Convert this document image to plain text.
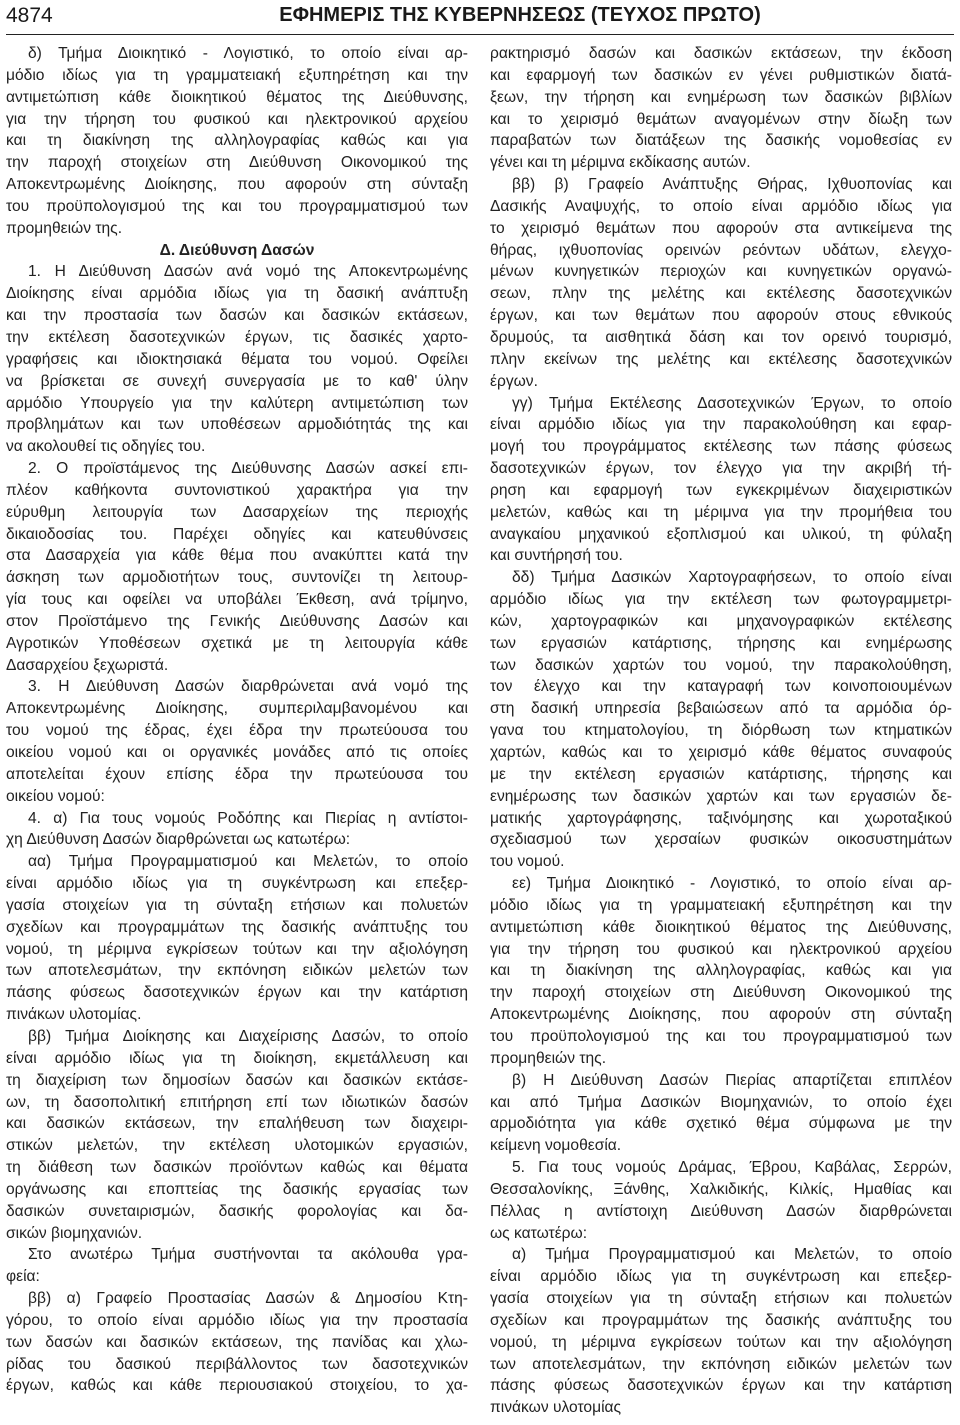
4874	ΕΦΗΜΕΡΙΣ ΤΗΣ ΚΥΒΕΡΝΗΣΕΩΣ (ΤΕΥΧΟΣ ΠΡΩΤΟ)
δ) Τμήμα Διοικητικό - Λογιστικό, το οποίο είναι αρ-
μόδιο ιδίως για τη γραμματειακή εξυπηρέτηση και την
αντιμετώπιση κάθε διοικητικού θέματος της Διεύθυνσης,
για την τήρηση του φυσικού και ηλεκτρονικού αρχείου
και τη διακίνηση της αλληλογραφίας καθώς και για
την παροχή στοιχείων στη Διεύθυνση Οικονομικού της
Αποκεντρωμένης Διοίκησης, που αφορούν στη σύνταξη
του προϋπολογισμού της και του προγραμματισμού των
προμηθειών της.
Δ. Διεύθυνση Δασών
1. Η Διεύθυνση Δασών ανά νομό της Αποκεντρωμένης
Διοίκησης είναι αρμόδια ιδίως για τη δασική ανάπτυξη
και την προστασία των δασών και δασικών εκτάσεων,
την εκτέλεση δασοτεχνικών έργων, τις δασικές χαρτο-
γραφήσεις και ιδιοκτησιακά θέματα του νομού. Οφείλει
να βρίσκεται σε συνεχή συνεργασία με το καθ' ύλην
αρμόδιο Υπουργείο για την καλύτερη αντιμετώπιση των
προβλημάτων και των υποθέσεων αρμοδιότητάς της και
να ακολουθεί τις οδηγίες του.
2. Ο προϊστάμενος της Διεύθυνσης Δασών ασκεί επι-
πλέον καθήκοντα συντονιστικού χαρακτήρα για την
εύρυθμη λειτουργία των Δασαρχείων της περιοχής
δικαιοδοσίας του. Παρέχει οδηγίες και κατευθύνσεις
στα Δασαρχεία για κάθε θέμα που ανακύπτει κατά την
άσκηση των αρμοδιοτήτων τους, συντονίζει τη λειτουρ-
γία τους και οφείλει να υποβάλει Έκθεση, ανά τρίμηνο,
στον Προϊστάμενο της Γενικής Διεύθυνσης Δασών και
Αγροτικών Υποθέσεων σχετικά με τη λειτουργία κάθε
Δασαρχείου ξεχωριστά.
3. Η Διεύθυνση Δασών διαρθρώνεται ανά νομό της
Αποκεντρωμένης Διοίκησης, συμπεριλαμβανομένου και
του νομού της έδρας, έχει έδρα την πρωτεύουσα του
οικείου νομού και οι οργανικές μονάδες από τις οποίες
αποτελείται έχουν επίσης έδρα την πρωτεύουσα του
οικείου νομού:
4. α) Για τους νομούς Ροδόπης και Πιερίας η αντίστοι-
χη Διεύθυνση Δασών διαρθρώνεται ως κατωτέρω:
αα) Τμήμα Προγραμματισμού και Μελετών, το οποίο
είναι αρμόδιο ιδίως για τη συγκέντρωση και επεξερ-
γασία στοιχείων για τη σύνταξη ετήσιων και πολυετών
σχεδίων και προγραμμάτων της δασικής ανάπτυξης του
νομού, τη μέριμνα εγκρίσεων τούτων και την αξιολόγηση
των αποτελεσμάτων, την εκπόνηση ειδικών μελετών των
πάσης φύσεως δασοτεχνικών έργων και την κατάρτιση
πινάκων υλοτομίας.
ββ) Τμήμα Διοίκησης και Διαχείρισης Δασών, το οποίο
είναι αρμόδιο ιδίως για τη διοίκηση, εκμετάλλευση και
τη διαχείριση των δημοσίων δασών και δασικών εκτάσε-
ων, τη δασοπολιτική επιτήρηση επί των ιδιωτικών δασών
και δασικών εκτάσεων, την επαλήθευση των διαχειρι-
στικών μελετών, την εκτέλεση υλοτομικών εργασιών,
τη διάθεση των δασικών προϊόντων καθώς και θέματα
οργάνωσης και εποπτείας της δασικής εργασίας των
δασικών συνεταιρισμών, δασικής φορολογίας και δα-
σικών βιομηχανιών.
Στο ανωτέρω Τμήμα συστήνονται τα ακόλουθα γρα-
φεία:
ββ) α) Γραφείο Προστασίας Δασών & Δημοσίου Κτη-
γόρου, το οποίο είναι αρμόδιο ιδίως για την προστασία
των δασών και δασικών εκτάσεων, της πανίδας και χλω-
ρίδας του δασικού περιβάλλοντος των δασοτεχνικών
έργων, καθώς και κάθε περιουσιακού στοιχείου, το χα-
ρακτηρισμό δασών και δασικών εκτάσεων, την έκδοση
και εφαρμογή των δασικών εν γένει ρυθμιστικών διατά-
ξεων, την τήρηση και ενημέρωση των δασικών βιβλίων
και το χειρισμό θεμάτων αναγομένων στην δίωξη των
παραβατών των διατάξεων της δασικής νομοθεσίας εν
γένει και τη μέριμνα εκδίκασης αυτών.
ββ) β) Γραφείο Ανάπτυξης Θήρας, Ιχθυοπονίας και
Δασικής Αναψυχής, το οποίο είναι αρμόδιο ιδίως για
το χειρισμό θεμάτων που αφορούν στα αντικείμενα της
θήρας, ιχθυοπονίας ορεινών ρεόντων υδάτων, ελεγχο-
μένων κυνηγετικών περιοχών και κυνηγετικών οργανώ-
σεων, πλην της μελέτης και εκτέλεσης δασοτεχνικών
έργων, και των θεμάτων που αφορούν στους εθνικούς
δρυμούς, τα αισθητικά δάση και τον ορεινό τουρισμό,
πλην εκείνων της μελέτης και εκτέλεσης δασοτεχνικών
έργων.
γγ) Τμήμα Εκτέλεσης Δασοτεχνικών Έργων, το οποίο
είναι αρμόδιο ιδίως για την παρακολούθηση και εφαρ-
μογή του προγράμματος εκτέλεσης των πάσης φύσεως
δασοτεχνικών έργων, τον έλεγχο για την ακριβή τή-
ρηση και εφαρμογή των εγκεκριμένων διαχειριστικών
μελετών, καθώς και τη μέριμνα για την προμήθεια του
αναγκαίου μηχανικού εξοπλισμού και υλικού, τη φύλαξη
και συντήρησή του.
δδ) Τμήμα Δασικών Χαρτογραφήσεων, το οποίο είναι
αρμόδιο ιδίως για την εκτέλεση των φωτογραμμετρι-
κών, χαρτογραφικών και μηχανογραφικών εκτέλεσης
των εργασιών κατάρτισης, τήρησης και ενημέρωσης
των δασικών χαρτών του νομού, την παρακολούθηση,
τον έλεγχο και την καταγραφή των κοινοποιουμένων
στη δασική υπηρεσία βεβαιώσεων από τα αρμόδια όρ-
γανα του κτηματολογίου, τη διόρθωση των κτηματικών
χαρτών, καθώς και το χειρισμό κάθε θέματος συναφούς
με την εκτέλεση εργασιών κατάρτισης, τήρησης και
ενημέρωσης των δασικών χαρτών και των εργασιών δε-
ματικής χαρτογράφησης, ταξινόμησης και χωροταξικού
σχεδιασμού των χερσαίων φυσικών οικοσυστημάτων
του νομού.
εε) Τμήμα Διοικητικό - Λογιστικό, το οποίο είναι αρ-
μόδιο ιδίως για τη γραμματειακή εξυπηρέτηση και την
αντιμετώπιση κάθε διοικητικού θέματος της Διεύθυνσης,
για την τήρηση του φυσικού και ηλεκτρονικού αρχείου
και τη διακίνηση της αλληλογραφίας, καθώς και για
την παροχή στοιχείων στη Διεύθυνση Οικονομικού της
Αποκεντρωμένης Διοίκησης, που αφορούν στη σύνταξη
του προϋπολογισμού της και του προγραμματισμού των
προμηθειών της.
β) Η Διεύθυνση Δασών Πιερίας απαρτίζεται επιπλέον
και από Τμήμα Δασικών Βιομηχανιών, το οποίο έχει
αρμοδιότητα για κάθε σχετικό θέμα σύμφωνα με την
κείμενη νομοθεσία.
5. Για τους νομούς Δράμας, Έβρου, Καβάλας, Σερρών,
Θεσσαλονίκης, Ξάνθης, Χαλκιδικής, Κιλκίς, Ημαθίας και
Πέλλας η αντίστοιχη Διεύθυνση Δασών διαρθρώνεται
ως κατωτέρω:
α) Τμήμα Προγραμματισμού και Μελετών, το οποίο
είναι αρμόδιο ιδίως για τη συγκέντρωση και επεξερ-
γασία στοιχείων για τη σύνταξη ετήσιων και πολυετών
σχεδίων και προγραμμάτων της δασικής ανάπτυξης του
νομού, τη μέριμνα εγκρίσεων τούτων και την αξιολόγηση
των αποτελεσμάτων, την εκπόνηση ειδικών μελετών των
πάσης φύσεως δασοτεχνικών έργων και την κατάρτιση
πινάκων υλοτομίας
